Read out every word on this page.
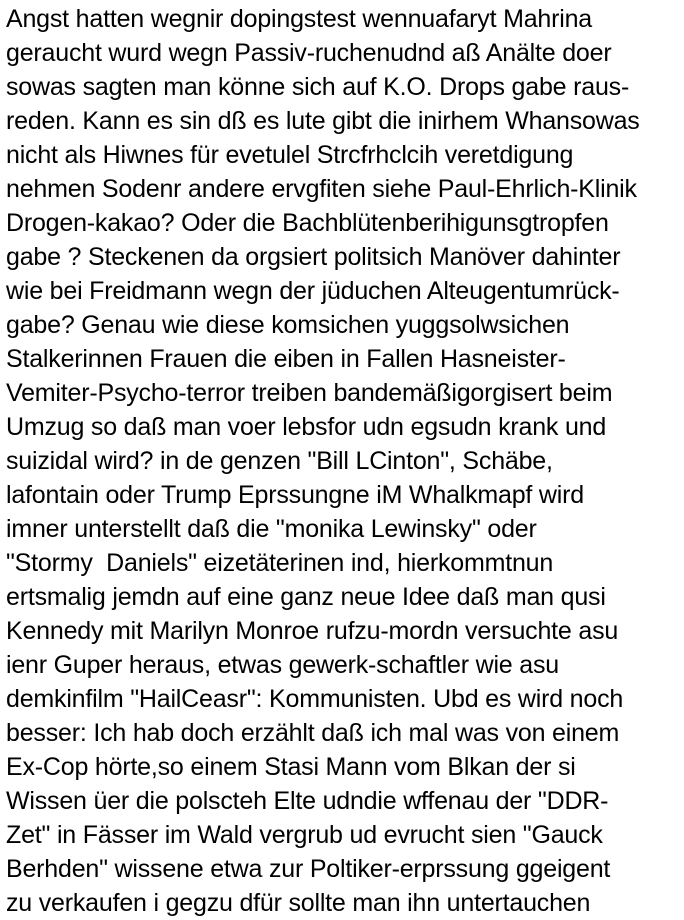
Angst hatten wegnir dopingstest wennuafaryt Mahrina
geraucht wurd wegn Passiv-ruchenudnd aß Anälte doer
sowas sagten man könne sich auf K.O. Drops gabe raus-
reden. Kann es sin dß es lute gibt die inirhem Whansowas
nicht als Hiwnes für evetulel Strcfrhclcih veretdigung
nehmen Sodenr andere ervgfiten siehe Paul-Ehrlich-Klinik
Drogen-kakao? Oder die Bachblütenberihigunsgtropfen
gabe ? Steckenen da orgsiert politsich Manöver dahinter
wie bei Freidmann wegn der jüduchen Alteugentumrück-
gabe? Genau wie diese komsichen yuggsolwsichen
Stalkerinnen Frauen die eiben in Fallen Hasneister-
Vemiter-Psycho-terror treiben bandemäßigorgisert beim
Umzug so daß man voer lebsfor udn egsudn krank und
suizidal wird? in de genzen "Bill LCinton", Schäbe,
lafontain oder Trump Eprssungne iM Whalkmapf wird
imner unterstellt daß die "monika Lewinsky" oder
"Stormy  Daniels" eizetäterinen ind, hierkommtnun
ertsmalig jemdn auf eine ganz neue Idee daß man qusi
Kennedy mit Marilyn Monroe rufzu-mordn versuchte asu
ienr Guper heraus, etwas gewerk-schaftler wie asu
demkinfilm "HailCeasr": Kommunisten. Ubd es wird noch
besser: Ich hab doch erzählt daß ich mal was von einem
Ex-Cop hörte,so einem Stasi Mann vom Blkan der si
Wissen üer die polscteh Elte udndie wffenau der "DDR-
Zet" in Fässer im Wald vergrub ud evrucht sien "Gauck
Berhden" wissene etwa zur Poltiker-erprssung ggeigent
zu verkaufen i gegzu dfür sollte man ihn untertauchen
